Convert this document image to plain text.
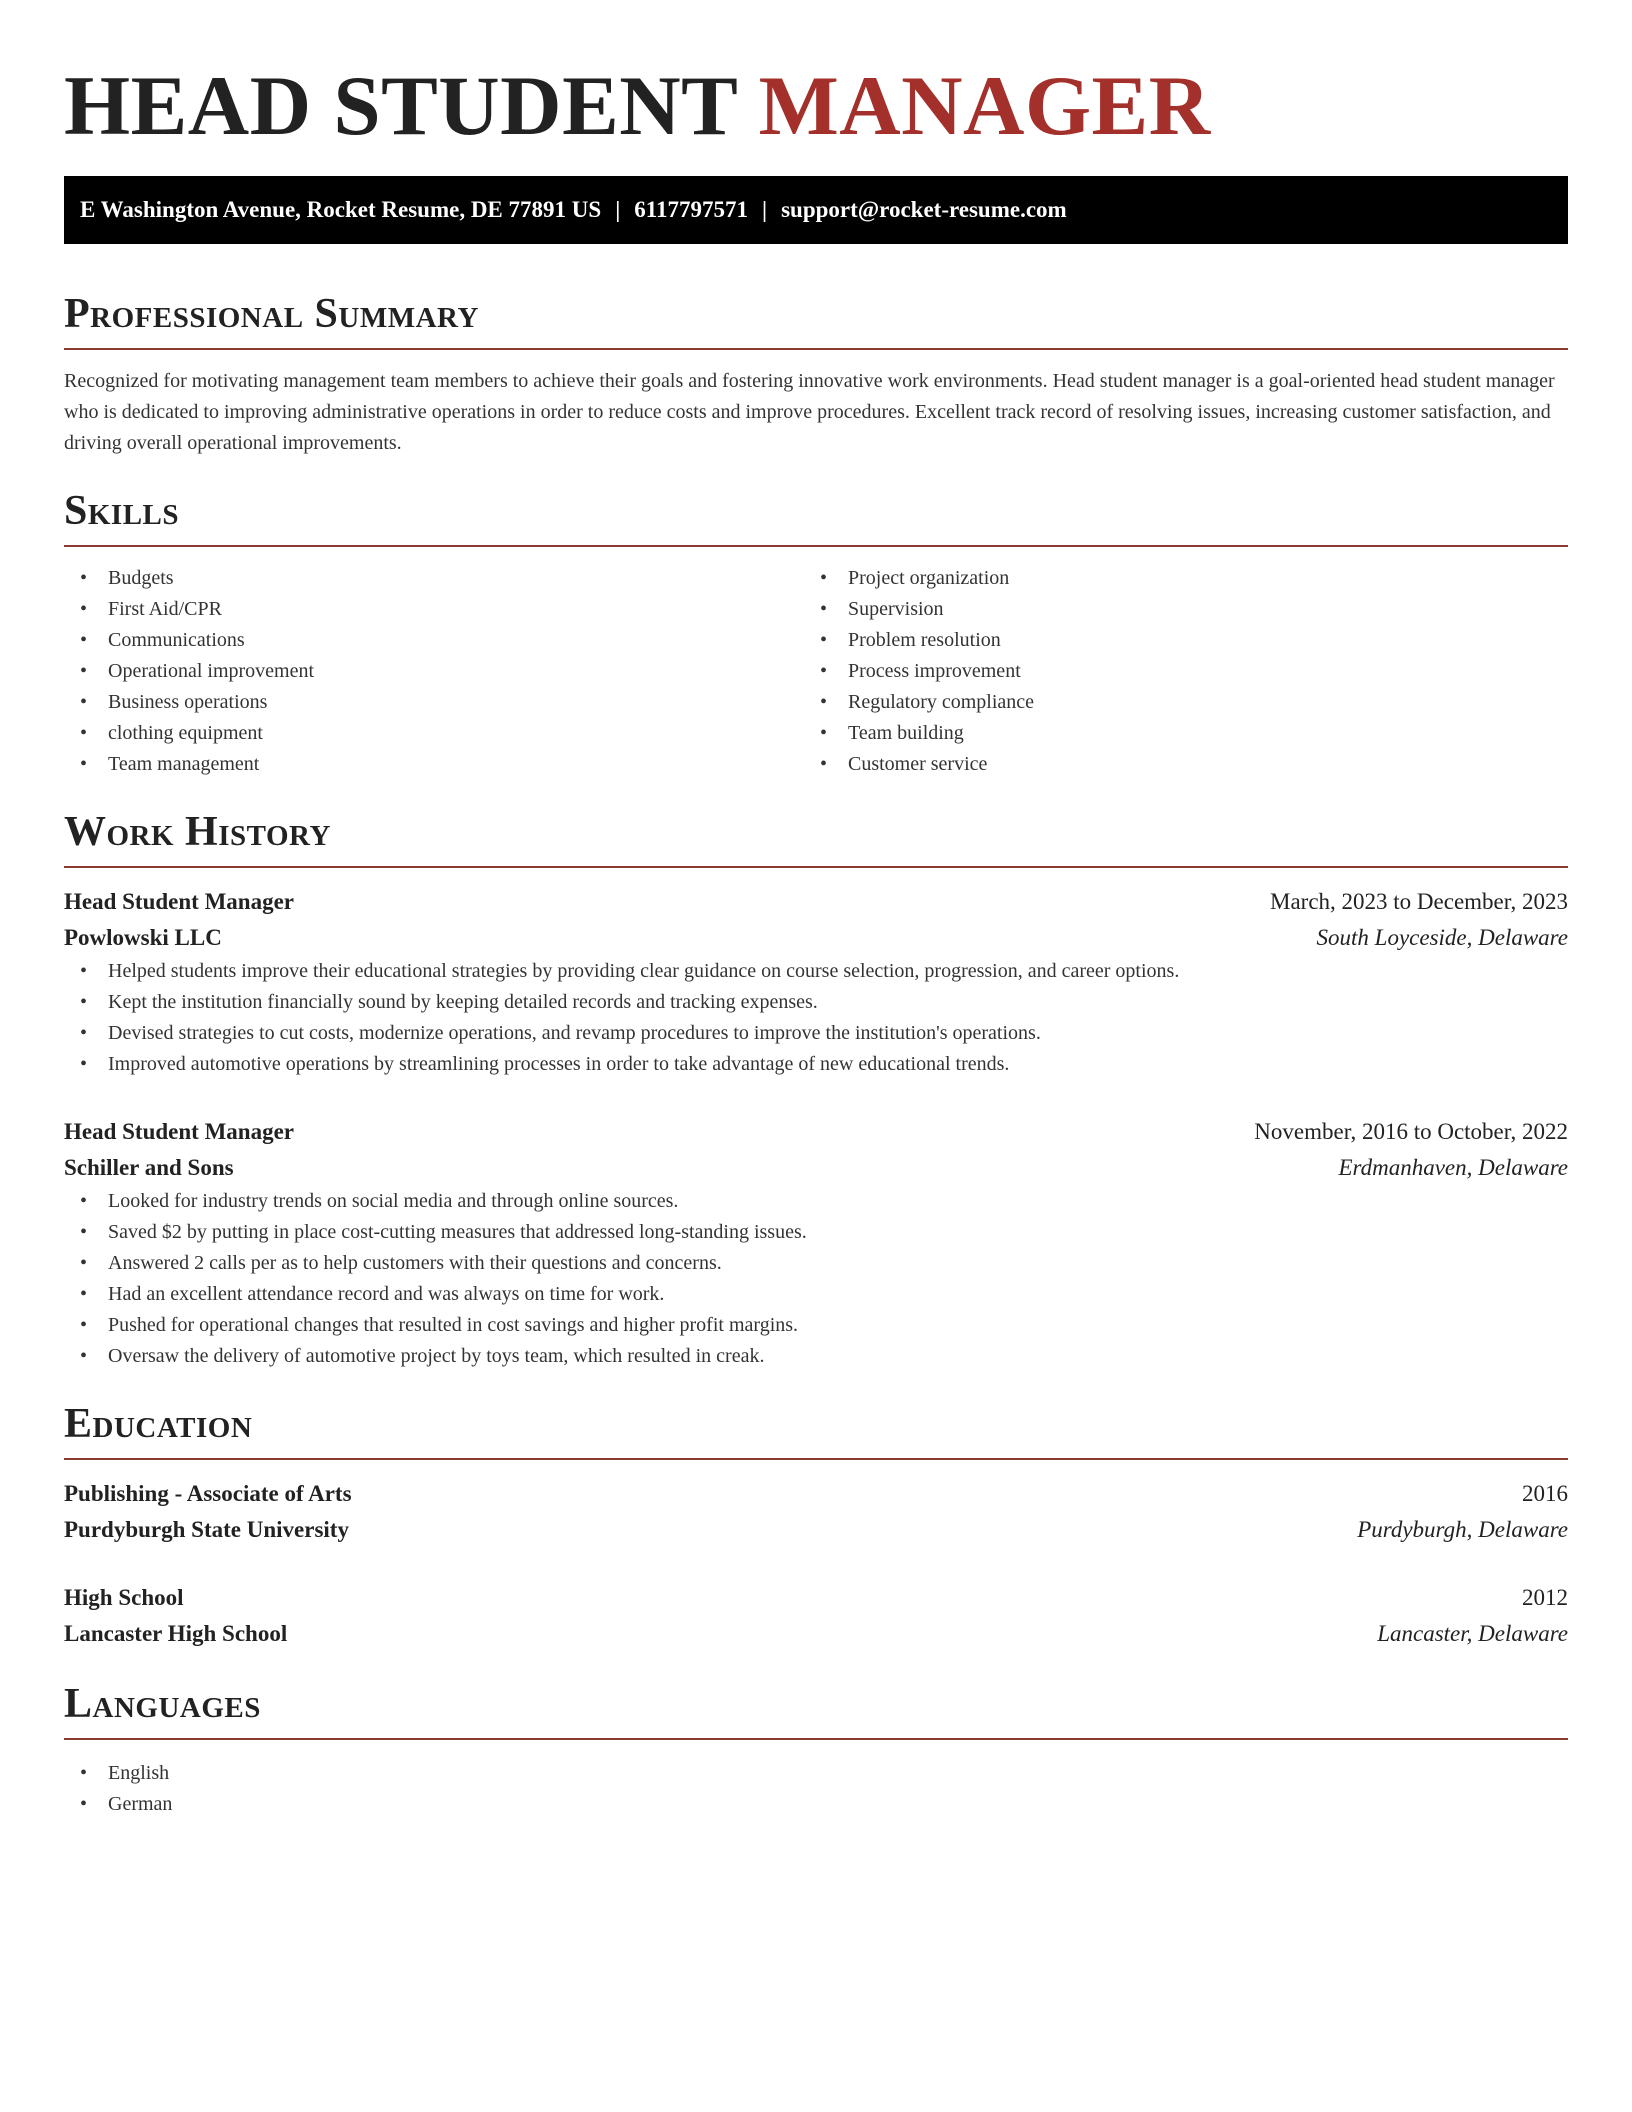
HEAD STUDENT MANAGER
E Washington Avenue, Rocket Resume, DE 77891 US | 6117797571 | support@rocket-resume.com
Professional Summary

Recognized for motivating management team members to achieve their goals and fostering innovative work environments. Head student manager is a goal-oriented head student manager who is dedicated to improving administrative operations in order to reduce costs and improve procedures. Excellent track record of resolving issues, increasing customer satisfaction, and driving overall operational improvements.

Skills
• Budgets
• First Aid/CPR
• Communications
• Operational improvement
• Business operations
• clothing equipment
• Team management
• Project organization
• Supervision
• Problem resolution
• Process improvement
• Regulatory compliance
• Team building
• Customer service
Work History
Head Student Manager	March, 2023 to December, 2023
Powlowski LLC	South Loyceside, Delaware
• Helped students improve their educational strategies by providing clear guidance on course selection, progression, and career options.
• Kept the institution financially sound by keeping detailed records and tracking expenses.
• Devised strategies to cut costs, modernize operations, and revamp procedures to improve the institution's operations.
• Improved automotive operations by streamlining processes in order to take advantage of new educational trends.
Head Student Manager	November, 2016 to October, 2022
Schiller and Sons	Erdmanhaven, Delaware
• Looked for industry trends on social media and through online sources.
• Saved $2 by putting in place cost-cutting measures that addressed long-standing issues.
• Answered 2 calls per as to help customers with their questions and concerns.
• Had an excellent attendance record and was always on time for work.
• Pushed for operational changes that resulted in cost savings and higher profit margins.
• Oversaw the delivery of automotive project by toys team, which resulted in creak.
Education
Publishing - Associate of Arts	2016
Purdyburgh State University	Purdyburgh, Delaware
High School	2012
Lancaster High School	Lancaster, Delaware
Languages
• English
• German
